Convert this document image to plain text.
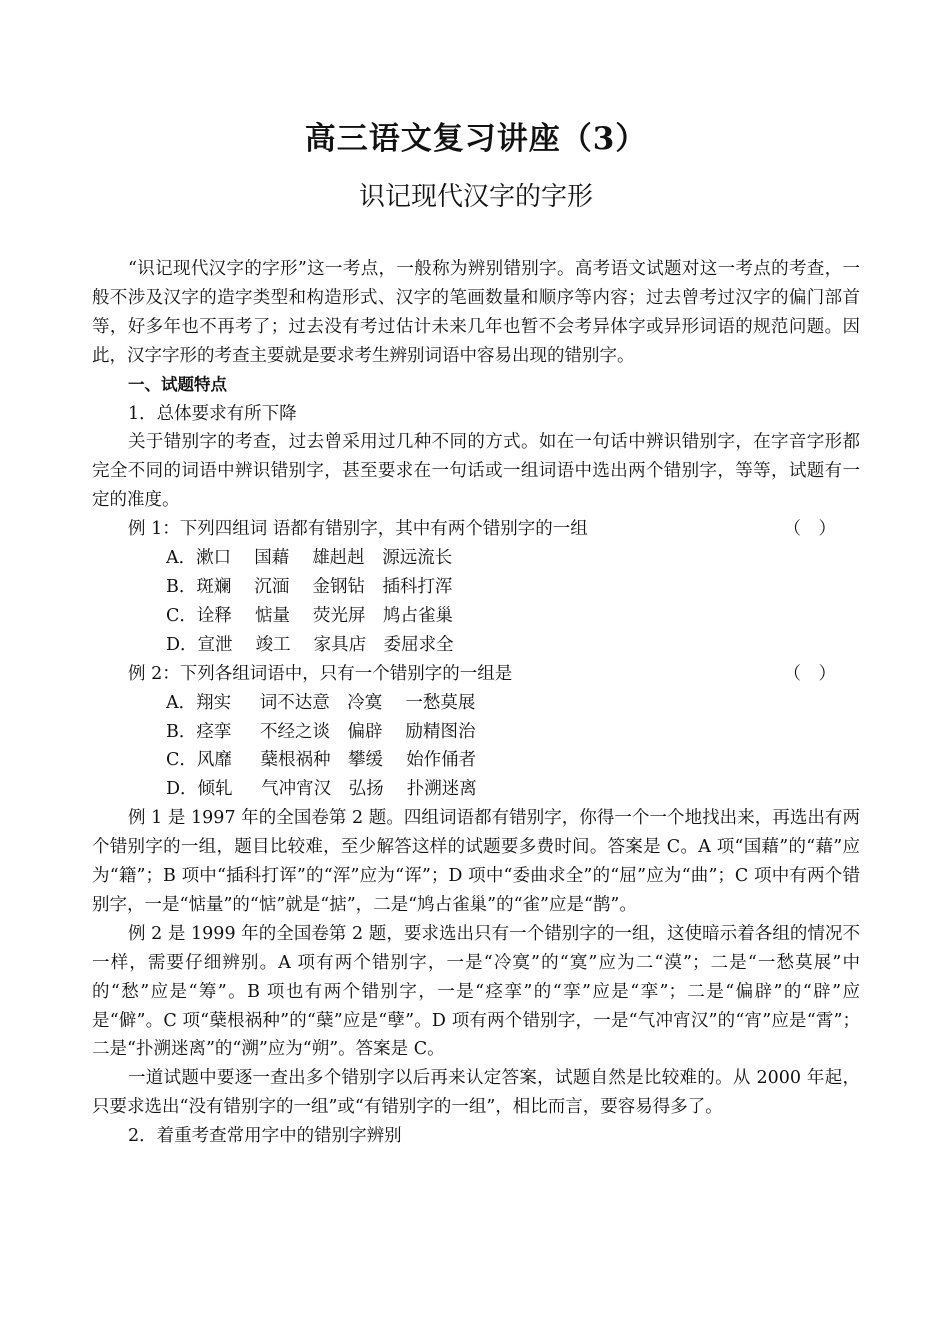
高三语文复习讲座（3）
识记现代汉字的字形

“识记现代汉字的字形”这一考点，一般称为辨别错别字。高考语文试题对这一考点的考查，一般不涉及汉字的造字类型和构造形式、汉字的笔画数量和顺序等内容；过去曾考过汉字的偏门部首等，好多年也不再考了；过去没有考过估计未来几年也暂不会考异体字或异形词语的规范问题。因此，汉字字形的考查主要就是要求考生辨别词语中容易出现的错别字。

一、试题特点

1．总体要求有所下降

关于错别字的考查，过去曾采用过几种不同的方式。如在一句话中辨识错别字，在字音字形都完全不同的词语中辨识错别字，甚至要求在一句话或一组词语中选出两个错别字，等等，试题有一定的准度。

例 1：下列四组词 语都有错别字，其中有两个错别字的一组	（　）

A．漱口　 国藉　 雄赳赳　源远流长

B．斑斓　 沉湎　 金钢钻　插科打浑

C．诠释　 惦量　 荧光屏　鸠占雀巢

D．宣泄　 竣工　 家具店　委屈求全

例 2：下列各组词语中，只有一个错别字的一组是	（　）

A．翔实　  词不达意　冷寞　 一愁莫展

B．痉挛　  不经之谈　偏辟　 励精图治

C．风靡　  蘖根祸种　攀缓　 始作俑者

D．倾轧　  气冲宵汉　弘扬　 扑溯迷离

例 1 是 1997 年的全国卷第 2 题。四组词语都有错别字，你得一个一个地找出来，再选出有两个错别字的一组，题目比较难，至少解答这样的试题要多费时间。答案是 C。A 项“国藉”的“藉”应为“籍”；B 项中“插科打诨”的“浑”应为“诨”；D 项中“委曲求全”的“屈”应为“曲”；C 项中有两个错别字，一是“惦量”的“惦”就是“掂”，二是“鸠占雀巢”的“雀”应是“鹊”。

例 2 是 1999 年的全国卷第 2 题，要求选出只有一个错别字的一组，这使暗示着各组的情况不一样，需要仔细辨别。A 项有两个错别字，一是“冷寞”的“寞”应为二“漠”；二是“一愁莫展”中的“愁”应是“筹”。B 项也有两个错别字，一是“痉挛”的“挛”应是“挛”；二是“偏辟”的“辟”应是“僻”。C 项“蘖根祸种”的“蘖”应是“孽”。D 项有两个错别字，一是“气冲宵汉”的“宵”应是“霄”；二是“扑溯迷离”的“溯”应为“朔”。答案是 C。

一道试题中要逐一查出多个错别字以后再来认定答案，试题自然是比较难的。从 2000 年起，只要求选出“没有错别字的一组”或“有错别字的一组”，相比而言，要容易得多了。

2．着重考查常用字中的错别字辨别
